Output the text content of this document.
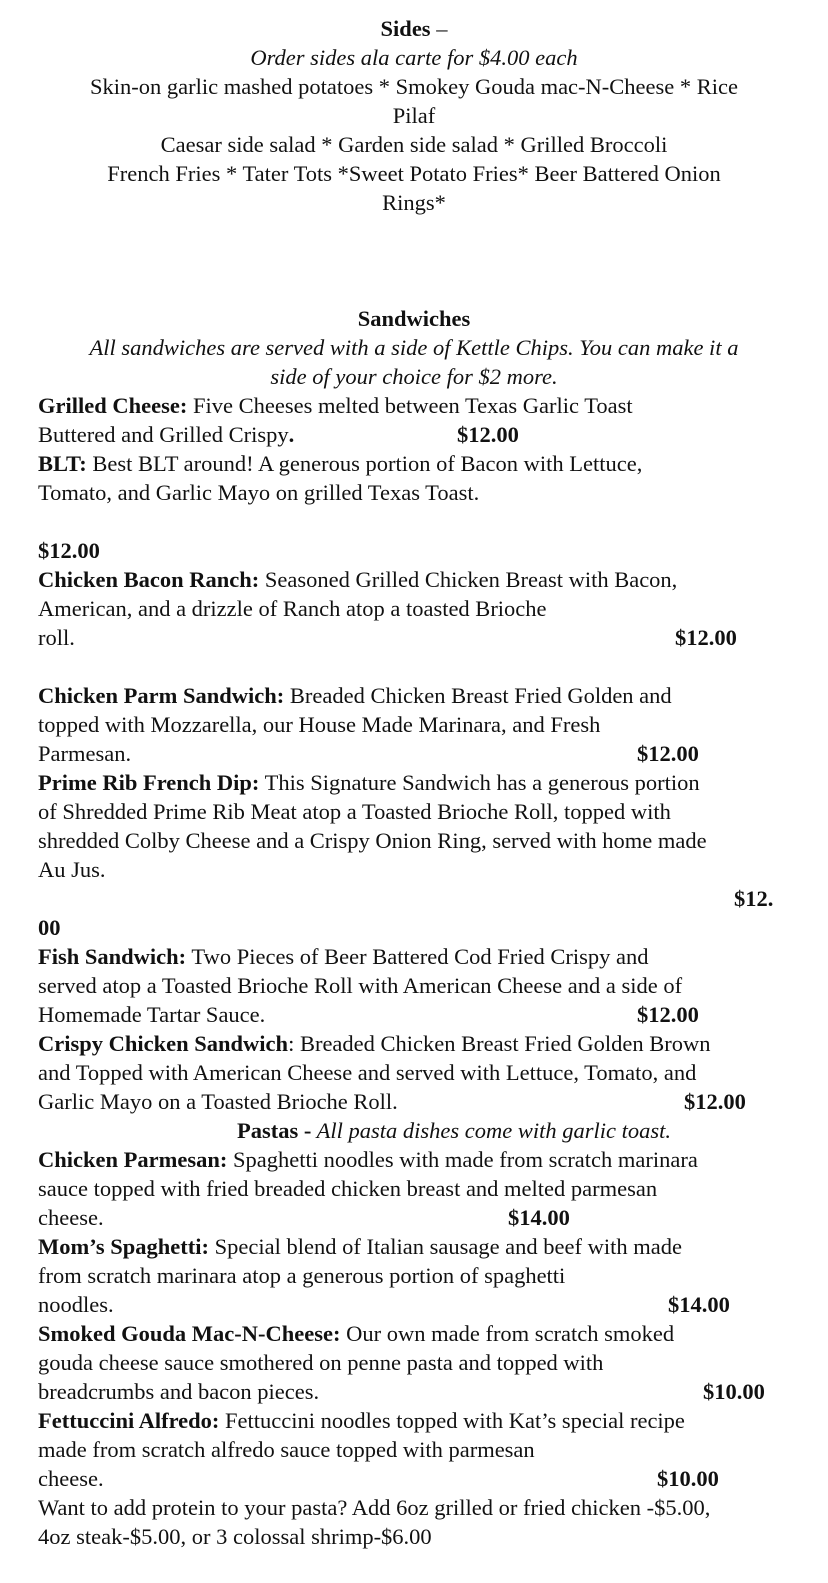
Sides –
Order sides ala carte for $4.00 each
Skin-on garlic mashed potatoes * Smokey Gouda mac-N-Cheese * Rice
Pilaf
Caesar side salad * Garden side salad * Grilled Broccoli
French Fries * Tater Tots *Sweet Potato Fries* Beer Battered Onion
Rings*
Sandwiches
All sandwiches are served with a side of Kettle Chips. You can make it a
side of your choice for $2 more.
Grilled Cheese: Five Cheeses melted between Texas Garlic Toast
Buttered and Grilled Crispy.	$12.00
BLT: Best BLT around! A generous portion of Bacon with Lettuce,
Tomato, and Garlic Mayo on grilled Texas Toast.
$12.00
Chicken Bacon Ranch: Seasoned Grilled Chicken Breast with Bacon,
American, and a drizzle of Ranch atop a toasted Brioche
roll.	$12.00
Chicken Parm Sandwich: Breaded Chicken Breast Fried Golden and
topped with Mozzarella, our House Made Marinara, and Fresh
Parmesan.	$12.00
Prime Rib French Dip: This Signature Sandwich has a generous portion
of Shredded Prime Rib Meat atop a Toasted Brioche Roll, topped with
shredded Colby Cheese and a Crispy Onion Ring, served with home made
Au Jus.
$12.
00
Fish Sandwich: Two Pieces of Beer Battered Cod Fried Crispy and
served atop a Toasted Brioche Roll with American Cheese and a side of
Homemade Tartar Sauce.	$12.00
Crispy Chicken Sandwich: Breaded Chicken Breast Fried Golden Brown
and Topped with American Cheese and served with Lettuce, Tomato, and
Garlic Mayo on a Toasted Brioche Roll.	$12.00
Pastas - All pasta dishes come with garlic toast.
Chicken Parmesan: Spaghetti noodles with made from scratch marinara
sauce topped with fried breaded chicken breast and melted parmesan
cheese.	$14.00
Mom’s Spaghetti: Special blend of Italian sausage and beef with made
from scratch marinara atop a generous portion of spaghetti
noodles.	$14.00
Smoked Gouda Mac-N-Cheese: Our own made from scratch smoked
gouda cheese sauce smothered on penne pasta and topped with
breadcrumbs and bacon pieces.	$10.00
Fettuccini Alfredo: Fettuccini noodles topped with Kat’s special recipe
made from scratch alfredo sauce topped with parmesan
cheese.	$10.00
Want to add protein to your pasta? Add 6oz grilled or fried chicken -$5.00,
4oz steak-$5.00, or 3 colossal shrimp-$6.00
